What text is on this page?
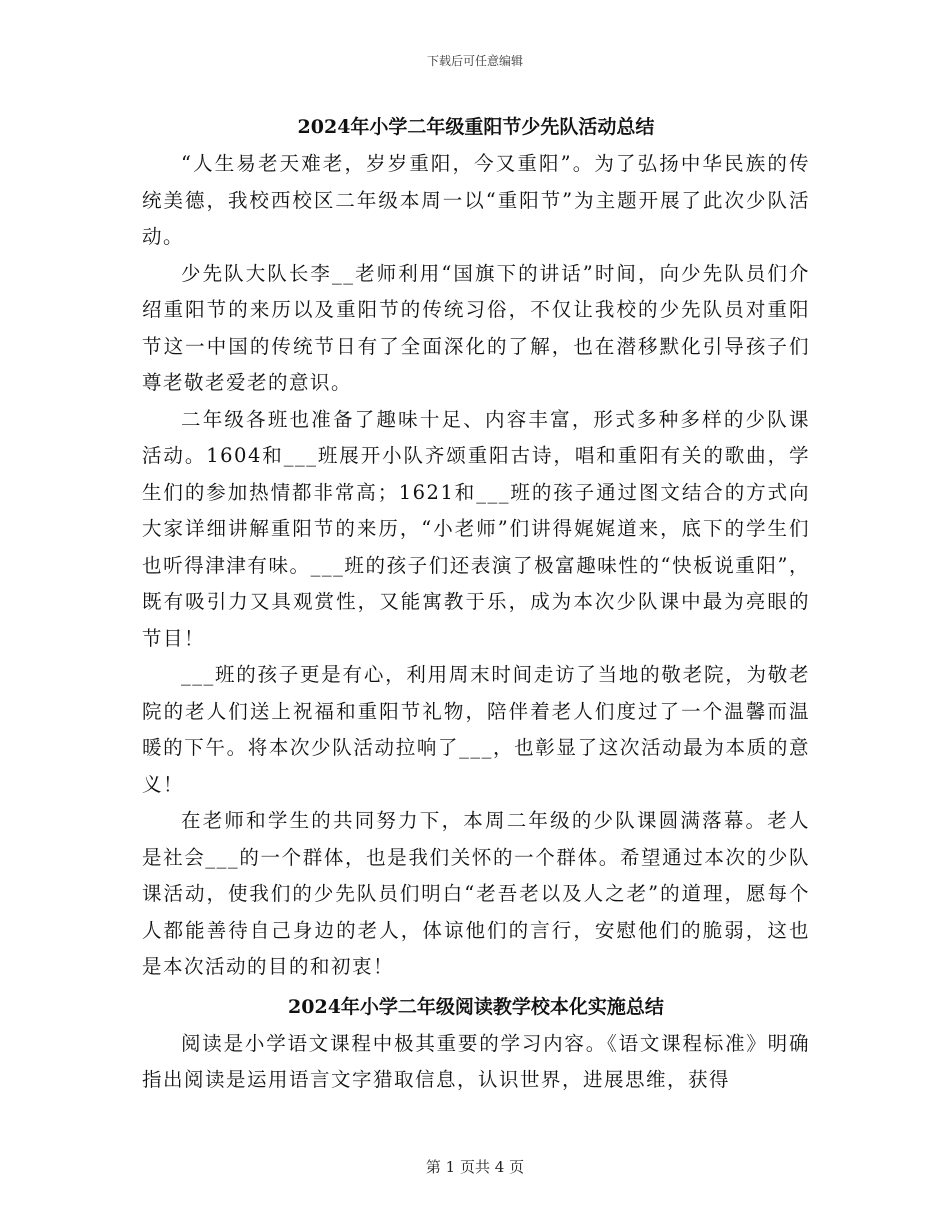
下载后可任意编辑
2024年小学二年级重阳节少先队活动总结

“人生易老天难老，岁岁重阳，今又重阳”。为了弘扬中华民族的传统美德，我校西校区二年级本周一以“重阳节”为主题开展了此次少队活动。

少先队大队长李__老师利用“国旗下的讲话”时间，向少先队员们介绍重阳节的来历以及重阳节的传统习俗，不仅让我校的少先队员对重阳节这一中国的传统节日有了全面深化的了解，也在潜移默化引导孩子们尊老敬老爱老的意识。

二年级各班也准备了趣味十足、内容丰富，形式多种多样的少队课活动。1604和___班展开小队齐颂重阳古诗，唱和重阳有关的歌曲，学生们的参加热情都非常高；1621和___班的孩子通过图文结合的方式向大家详细讲解重阳节的来历，“小老师”们讲得娓娓道来，底下的学生们也听得津津有味。___班的孩子们还表演了极富趣味性的“快板说重阳”，既有吸引力又具观赏性，又能寓教于乐，成为本次少队课中最为亮眼的节目！

___班的孩子更是有心，利用周末时间走访了当地的敬老院，为敬老院的老人们送上祝福和重阳节礼物，陪伴着老人们度过了一个温馨而温暖的下午。将本次少队活动拉响了___，也彰显了这次活动最为本质的意义！

在老师和学生的共同努力下，本周二年级的少队课圆满落幕。老人是社会___的一个群体，也是我们关怀的一个群体。希望通过本次的少队课活动，使我们的少先队员们明白“老吾老以及人之老”的道理，愿每个人都能善待自己身边的老人，体谅他们的言行，安慰他们的脆弱，这也是本次活动的目的和初衷！

2024年小学二年级阅读教学校本化实施总结

阅读是小学语文课程中极其重要的学习内容。《语文课程标准》明确指出阅读是运用语言文字猎取信息，认识世界，进展思维，获得

第 1 页共 4 页
